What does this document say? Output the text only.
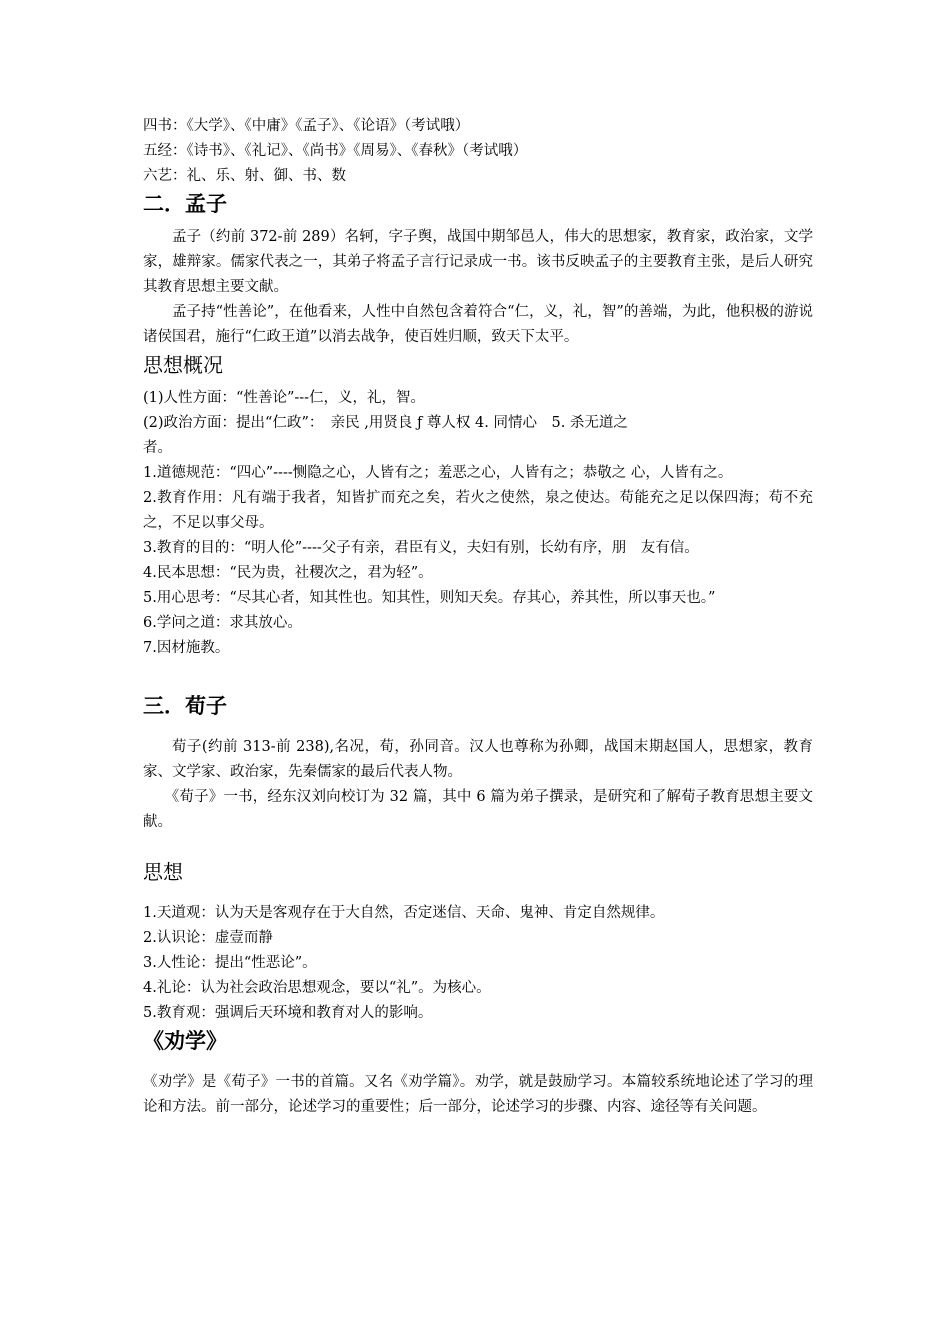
四书：《大学》、《中庸》《孟子》、《论语》（考试哦）

五经：《诗书》、《礼记》、《尚书》《周易》、《春秋》（考试哦）

六艺：礼、乐、射、御、书、数

二．孟子

孟子（约前 372-前 289）名轲，字子舆，战国中期邹邑人，伟大的思想家，教育家，政治家，文学家，雄辩家。儒家代表之一，其弟子将孟子言行记录成一书。该书反映孟子的主要教育主张，是后人研究其教育思想主要文献。

孟子持“性善论”，在他看来，人性中自然包含着符合“仁，义，礼，智”的善端，为此，他积极的游说诸侯国君，施行“仁政王道”以消去战争，使百姓归顺，致天下太平。

思想概况

(1)人性方面：“性善论”---仁，义，礼，智。

(2)政治方面：提出“仁政”：　亲民 ,用贤良 ƒ 尊人权 4. 同情心　5. 杀无道之

者。

1.道德规范：“四心”----恻隐之心，人皆有之；羞恶之心，人皆有之；恭敬之 心，人皆有之。

2.教育作用：凡有端于我者，知皆扩而充之矣，若火之使然，泉之使达。苟能充之足以保四海；苟不充之，不足以事父母。

3.教育的目的：“明人伦”----父子有亲，君臣有义，夫妇有别，长幼有序，朋　友有信。

4.民本思想：“民为贵，社稷次之，君为轻”。

5.用心思考：“尽其心者，知其性也。知其性，则知天矣。存其心，养其性，所以事天也。”

6.学问之道：求其放心。

7.因材施教。

三．荀子

荀子(约前 313-前 238),名况，荀，孙同音。汉人也尊称为孙卿，战国末期赵国人，思想家，教育家、文学家、政治家，先秦儒家的最后代表人物。

《荀子》一书，经东汉刘向校订为 32 篇，其中 6 篇为弟子撰录，是研究和了解荀子教育思想主要文献。

思想

1.天道观：认为天是客观存在于大自然，否定迷信、天命、鬼神、肯定自然规律。

2.认识论：虚壹而静

3.人性论：提出“性恶论”。

4.礼论：认为社会政治思想观念，要以“礼”。为核心。

5.教育观：强调后天环境和教育对人的影响。

《劝学》

《劝学》是《荀子》一书的首篇。又名《劝学篇》。劝学，就是鼓励学习。本篇较系统地论述了学习的理论和方法。前一部分，论述学习的重要性；后一部分，论述学习的步骤、内容、途径等有关问题。
